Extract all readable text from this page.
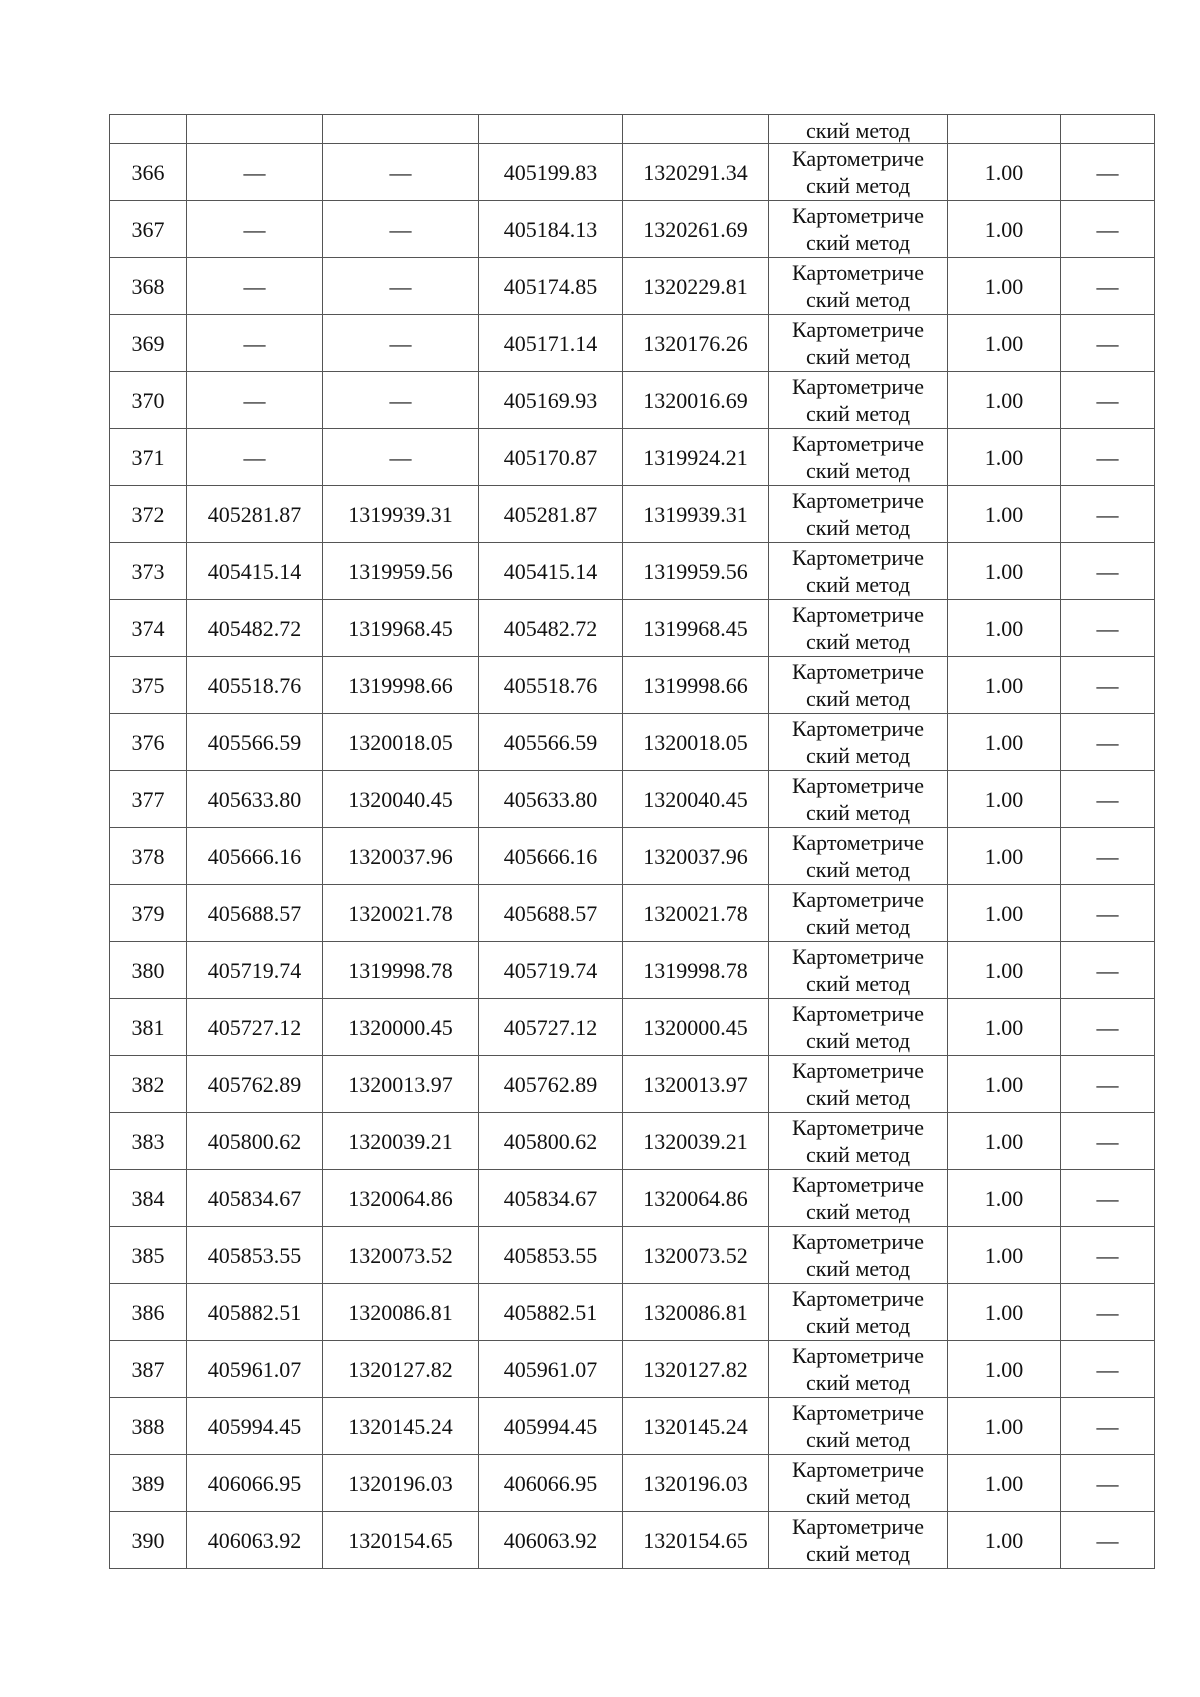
					ский метод		
366	—	—	405199.83	1320291.34	Картометриче
ский метод	1.00	—
367	—	—	405184.13	1320261.69	Картометриче
ский метод	1.00	—
368	—	—	405174.85	1320229.81	Картометриче
ский метод	1.00	—
369	—	—	405171.14	1320176.26	Картометриче
ский метод	1.00	—
370	—	—	405169.93	1320016.69	Картометриче
ский метод	1.00	—
371	—	—	405170.87	1319924.21	Картометриче
ский метод	1.00	—
372	405281.87	1319939.31	405281.87	1319939.31	Картометриче
ский метод	1.00	—
373	405415.14	1319959.56	405415.14	1319959.56	Картометриче
ский метод	1.00	—
374	405482.72	1319968.45	405482.72	1319968.45	Картометриче
ский метод	1.00	—
375	405518.76	1319998.66	405518.76	1319998.66	Картометриче
ский метод	1.00	—
376	405566.59	1320018.05	405566.59	1320018.05	Картометриче
ский метод	1.00	—
377	405633.80	1320040.45	405633.80	1320040.45	Картометриче
ский метод	1.00	—
378	405666.16	1320037.96	405666.16	1320037.96	Картометриче
ский метод	1.00	—
379	405688.57	1320021.78	405688.57	1320021.78	Картометриче
ский метод	1.00	—
380	405719.74	1319998.78	405719.74	1319998.78	Картометриче
ский метод	1.00	—
381	405727.12	1320000.45	405727.12	1320000.45	Картометриче
ский метод	1.00	—
382	405762.89	1320013.97	405762.89	1320013.97	Картометриче
ский метод	1.00	—
383	405800.62	1320039.21	405800.62	1320039.21	Картометриче
ский метод	1.00	—
384	405834.67	1320064.86	405834.67	1320064.86	Картометриче
ский метод	1.00	—
385	405853.55	1320073.52	405853.55	1320073.52	Картометриче
ский метод	1.00	—
386	405882.51	1320086.81	405882.51	1320086.81	Картометриче
ский метод	1.00	—
387	405961.07	1320127.82	405961.07	1320127.82	Картометриче
ский метод	1.00	—
388	405994.45	1320145.24	405994.45	1320145.24	Картометриче
ский метод	1.00	—
389	406066.95	1320196.03	406066.95	1320196.03	Картометриче
ский метод	1.00	—
390	406063.92	1320154.65	406063.92	1320154.65	Картометриче
ский метод	1.00	—
